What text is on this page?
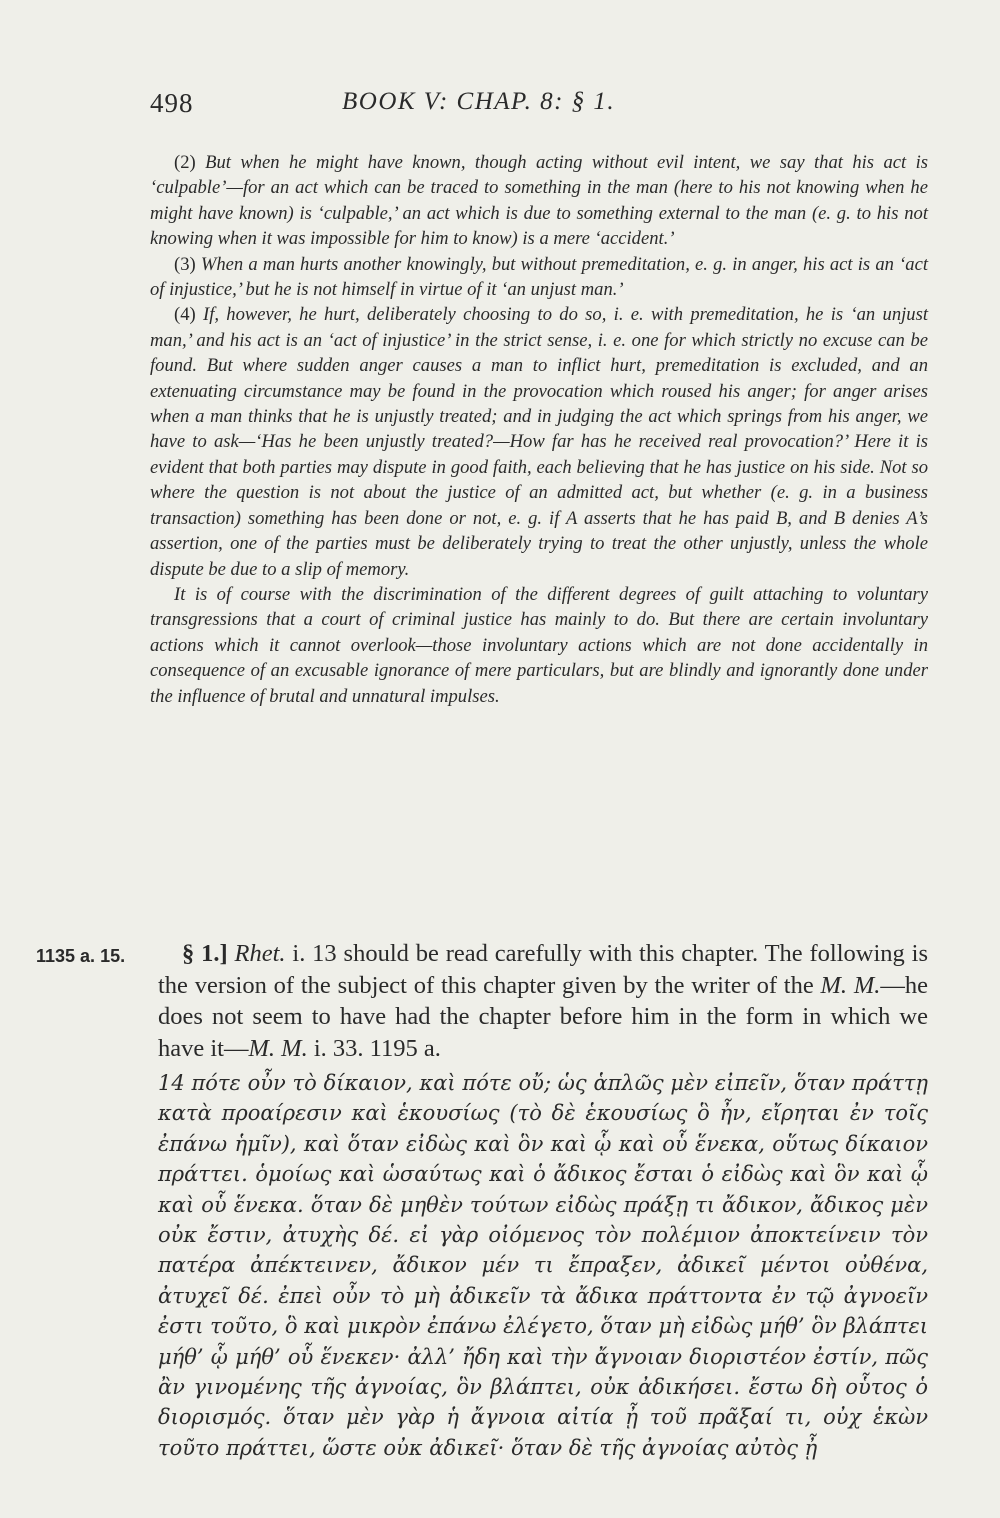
498	BOOK V: CHAP. 8: § 1.

(2) But when he might have known, though acting without evil intent, we say that his act is ‘culpable’—for an act which can be traced to something in the man (here to his not knowing when he might have known) is ‘culpable,’ an act which is due to something external to the man (e. g. to his not knowing when it was impossible for him to know) is a mere ‘accident.’

(3) When a man hurts another knowingly, but without premeditation, e. g. in anger, his act is an ‘act of injustice,’ but he is not himself in virtue of it ‘an unjust man.’

(4) If, however, he hurt, deliberately choosing to do so, i. e. with premeditation, he is ‘an unjust man,’ and his act is an ‘act of injustice’ in the strict sense, i. e. one for which strictly no excuse can be found. But where sudden anger causes a man to inflict hurt, premeditation is excluded, and an extenuating circumstance may be found in the provocation which roused his anger; for anger arises when a man thinks that he is unjustly treated; and in judging the act which springs from his anger, we have to ask—‘Has he been unjustly treated?—How far has he received real provocation?’ Here it is evident that both parties may dispute in good faith, each believing that he has justice on his side. Not so where the question is not about the justice of an admitted act, but whether (e. g. in a business transaction) something has been done or not, e. g. if A asserts that he has paid B, and B denies A’s assertion, one of the parties must be deliberately trying to treat the other unjustly, unless the whole dispute be due to a slip of memory.

It is of course with the discrimination of the different degrees of guilt attaching to voluntary transgressions that a court of criminal justice has mainly to do. But there are certain involuntary actions which it cannot overlook—those involuntary actions which are not done accidentally in consequence of an excusable ignorance of mere particulars, but are blindly and ignorantly done under the influence of brutal and unnatural impulses.

1135 a. 15.	§ 1.] Rhet. i. 13 should be read carefully with this chapter. The following is the version of the subject of this chapter given by the writer of the M. M.—he does not seem to have had the chapter before him in the form in which we have it—M. M. i. 33. 1195 a.

14 πότε οὖν τὸ δίκαιον, καὶ πότε οὔ; ὡς ἁπλῶς μὲν εἰπεῖν, ὅταν πράττῃ κατὰ προαίρεσιν καὶ ἑκουσίως (τὸ δὲ ἑκουσίως ὃ ἦν, εἴρηται ἐν τοῖς ἐπάνω ἡμῖν), καὶ ὅταν εἰδὼς καὶ ὃν καὶ ᾧ καὶ οὗ ἕνεκα, οὕτως δίκαιον πράττει. ὁμοίως καὶ ὡσαύτως καὶ ὁ ἄδικος ἔσται ὁ εἰδὼς καὶ ὃν καὶ ᾧ καὶ οὗ ἕνεκα. ὅταν δὲ μηθὲν τούτων εἰδὼς πράξῃ τι ἄδικον, ἄδικος μὲν οὐκ ἔστιν, ἀτυχὴς δέ. εἰ γὰρ οἰόμενος τὸν πολέμιον ἀποκτείνειν τὸν πατέρα ἀπέκτεινεν, ἄδικον μέν τι ἔπραξεν, ἀδικεῖ μέντοι οὐθένα, ἀτυχεῖ δέ. ἐπεὶ οὖν τὸ μὴ ἀδικεῖν τὰ ἄδικα πράττοντα ἐν τῷ ἀγνοεῖν ἐστι τοῦτο, ὃ καὶ μικρὸν ἐπάνω ἐλέγετο, ὅταν μὴ εἰδὼς μήθ’ ὃν βλάπτει μήθ’ ᾧ μήθ’ οὗ ἕνεκεν· ἀλλ’ ἤδη καὶ τὴν ἄγνοιαν διοριστέον ἐστίν, πῶς ἂν γινομένης τῆς ἀγνοίας, ὃν βλάπτει, οὐκ ἀδικήσει. ἔστω δὴ οὗτος ὁ διορισμός. ὅταν μὲν γὰρ ἡ ἄγνοια αἰτία ᾖ τοῦ πρᾶξαί τι, οὐχ ἑκὼν τοῦτο πράττει, ὥστε οὐκ ἀδικεῖ· ὅταν δὲ τῆς ἀγνοίας αὐτὸς ᾖ
